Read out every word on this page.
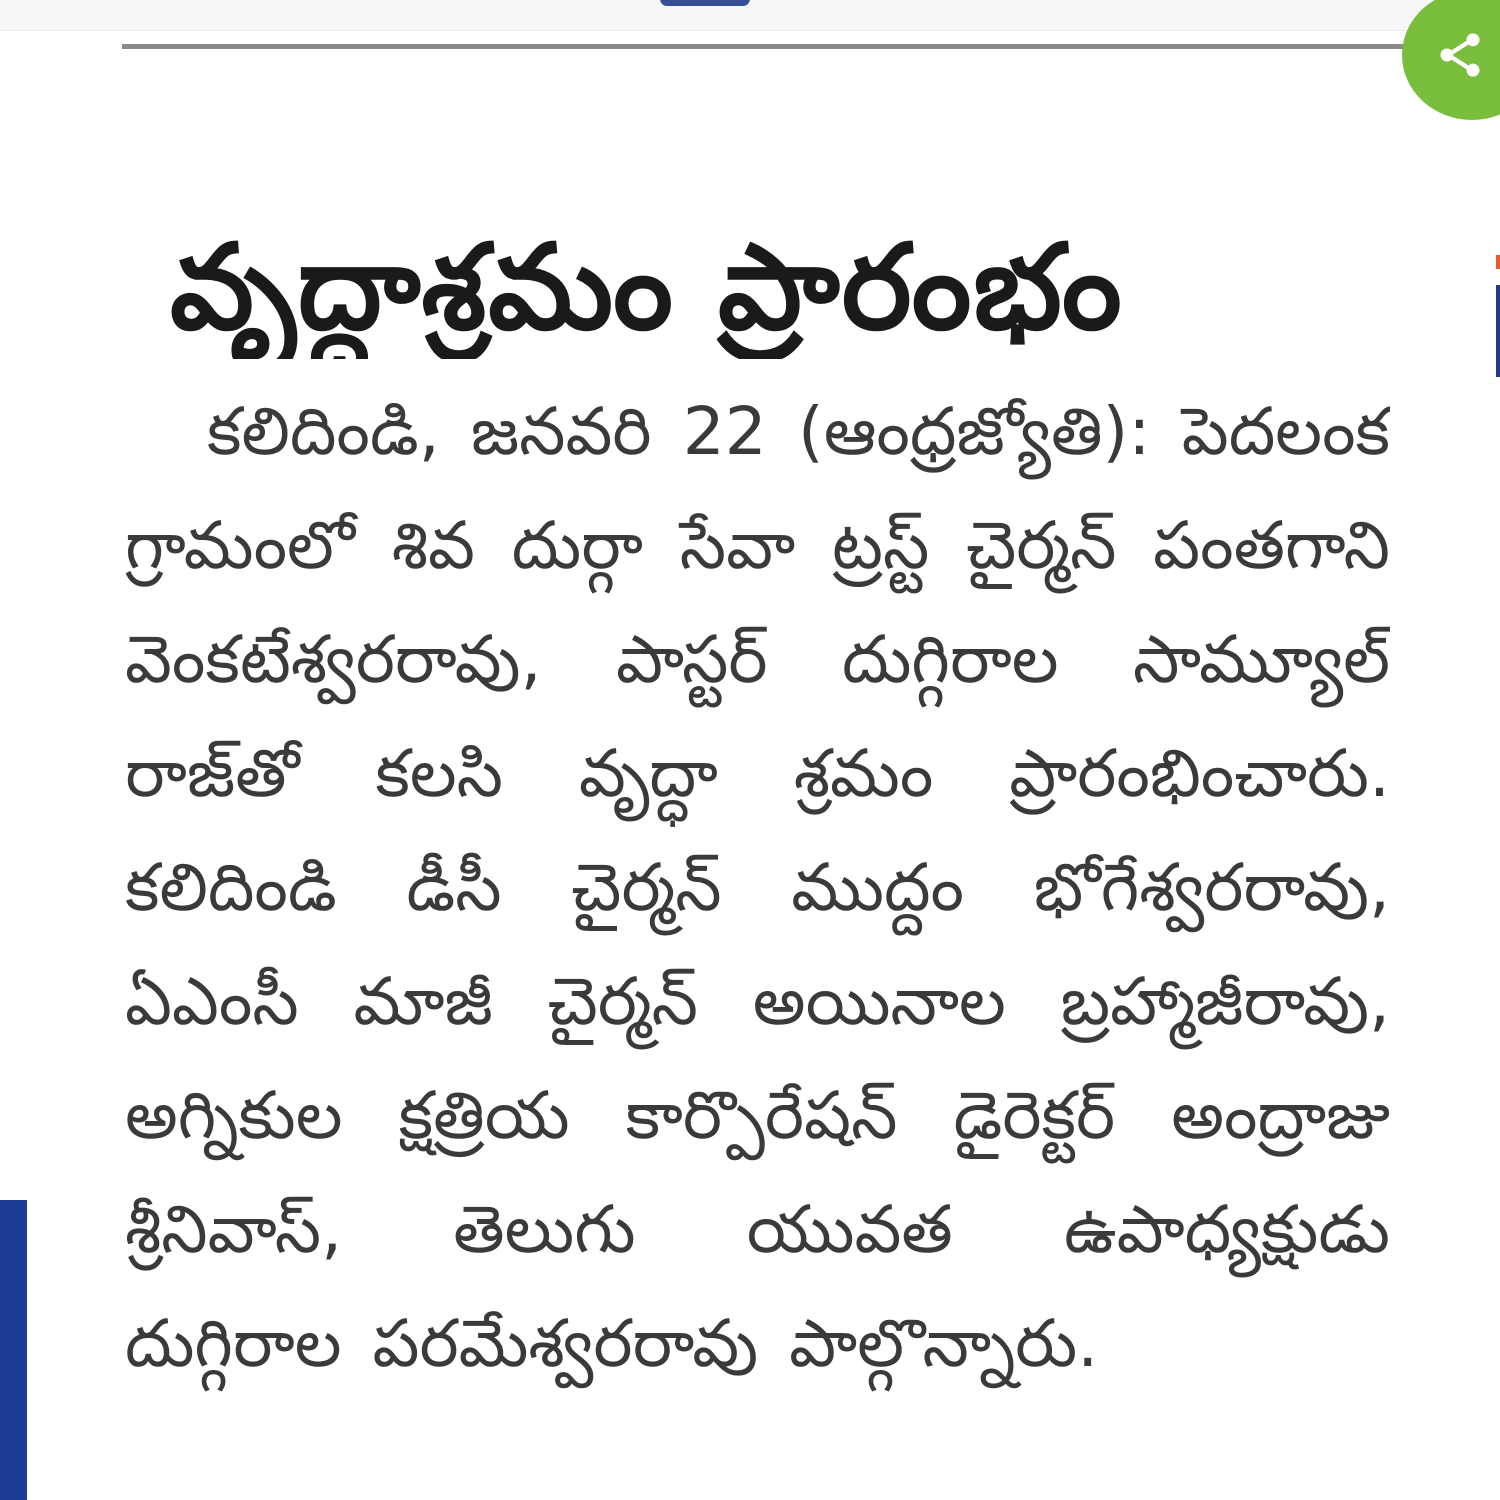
వృద్ధాశ్రమం ప్రారంభం

కలిదిండి, జనవరి 22 (ఆంధ్రజ్యోతి): పెదలంక గ్రామంలో శివ దుర్గా సేవా ట్రస్ట్ చైర్మన్ పంతగాని వెంకటేశ్వరరావు, పాస్టర్ దుగ్గిరాల సామ్యూల్ రాజ్‌తో కలసి వృద్ధా శ్రమం ప్రారంభించారు. కలిదిండి డీసీ చైర్మన్ ముద్దం భోగేశ్వరరావు, ఏఎంసీ మాజీ చైర్మన్ అయినాల బ్రహ్మాజీరావు, అగ్నికుల క్షత్రియ కార్పొరేషన్ డైరెక్టర్ అంద్రాజు శ్రీనివాస్, తెలుగు యువత ఉపాధ్యక్షుడు దుగ్గిరాల పరమేశ్వరరావు పాల్గొన్నారు.
